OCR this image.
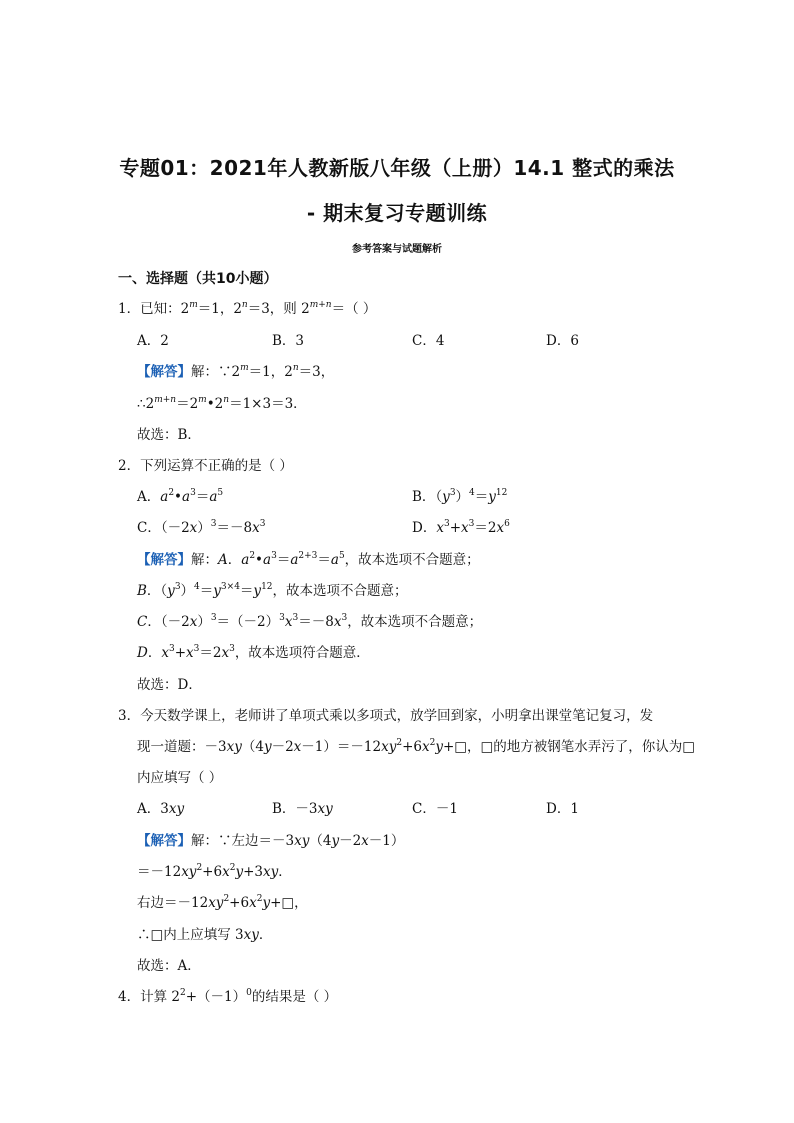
专题01：2021年人教新版八年级（上册）14.1 整式的乘法
- 期末复习专题训练
参考答案与试题解析
一、选择题（共10小题）
1．已知：$2^m=1$，$2^n=3$，则 $2^{m+n}=$（ ）
A．2	B．3	C．4	D．6
【解答】解：$\because 2^m=1$，$2^n=3$，
$\therefore 2^{m+n}=2^m•2^n=1\times 3=3$．
故选：B．
2．下列运算不正确的是（ ）
A．$a^2•a^3=a^5$	B．$(y^3)^4=y^{12}$
C．$(-2x)^3=-8x^3$	D．$x^3+x^3=2x^6$
【解答】解：A．$a^2•a^3=a^{2+3}=a^5$，故本选项不合题意；
B．$(y^3)^4=y^{3\times 4}=y^{12}$，故本选项不合题意；
C．$(-2x)^3=(-2)^3x^3=-8x^3$，故本选项不合题意；
D．$x^3+x^3=2x^3$，故本选项符合题意．
故选：D．
3．今天数学课上，老师讲了单项式乘以多项式，放学回到家，小明拿出课堂笔记复习，发
现一道题：$-3xy(4y-2x-1)=-12xy^2+6x^2y+□$，□的地方被钢笔水弄污了，你认为□
内应填写（ ）
A．3xy	B．－3xy	C．－1	D．1
【解答】解：∵左边＝－3xy（4y－2x－1）
$=-12xy^2+6x^2y+3xy$．
右边$=-12xy^2+6x^2y+□$，
∴□内上应填写 3xy．
故选：A．
4．计算 $2^2+(-1)^0$的结果是（ ）
